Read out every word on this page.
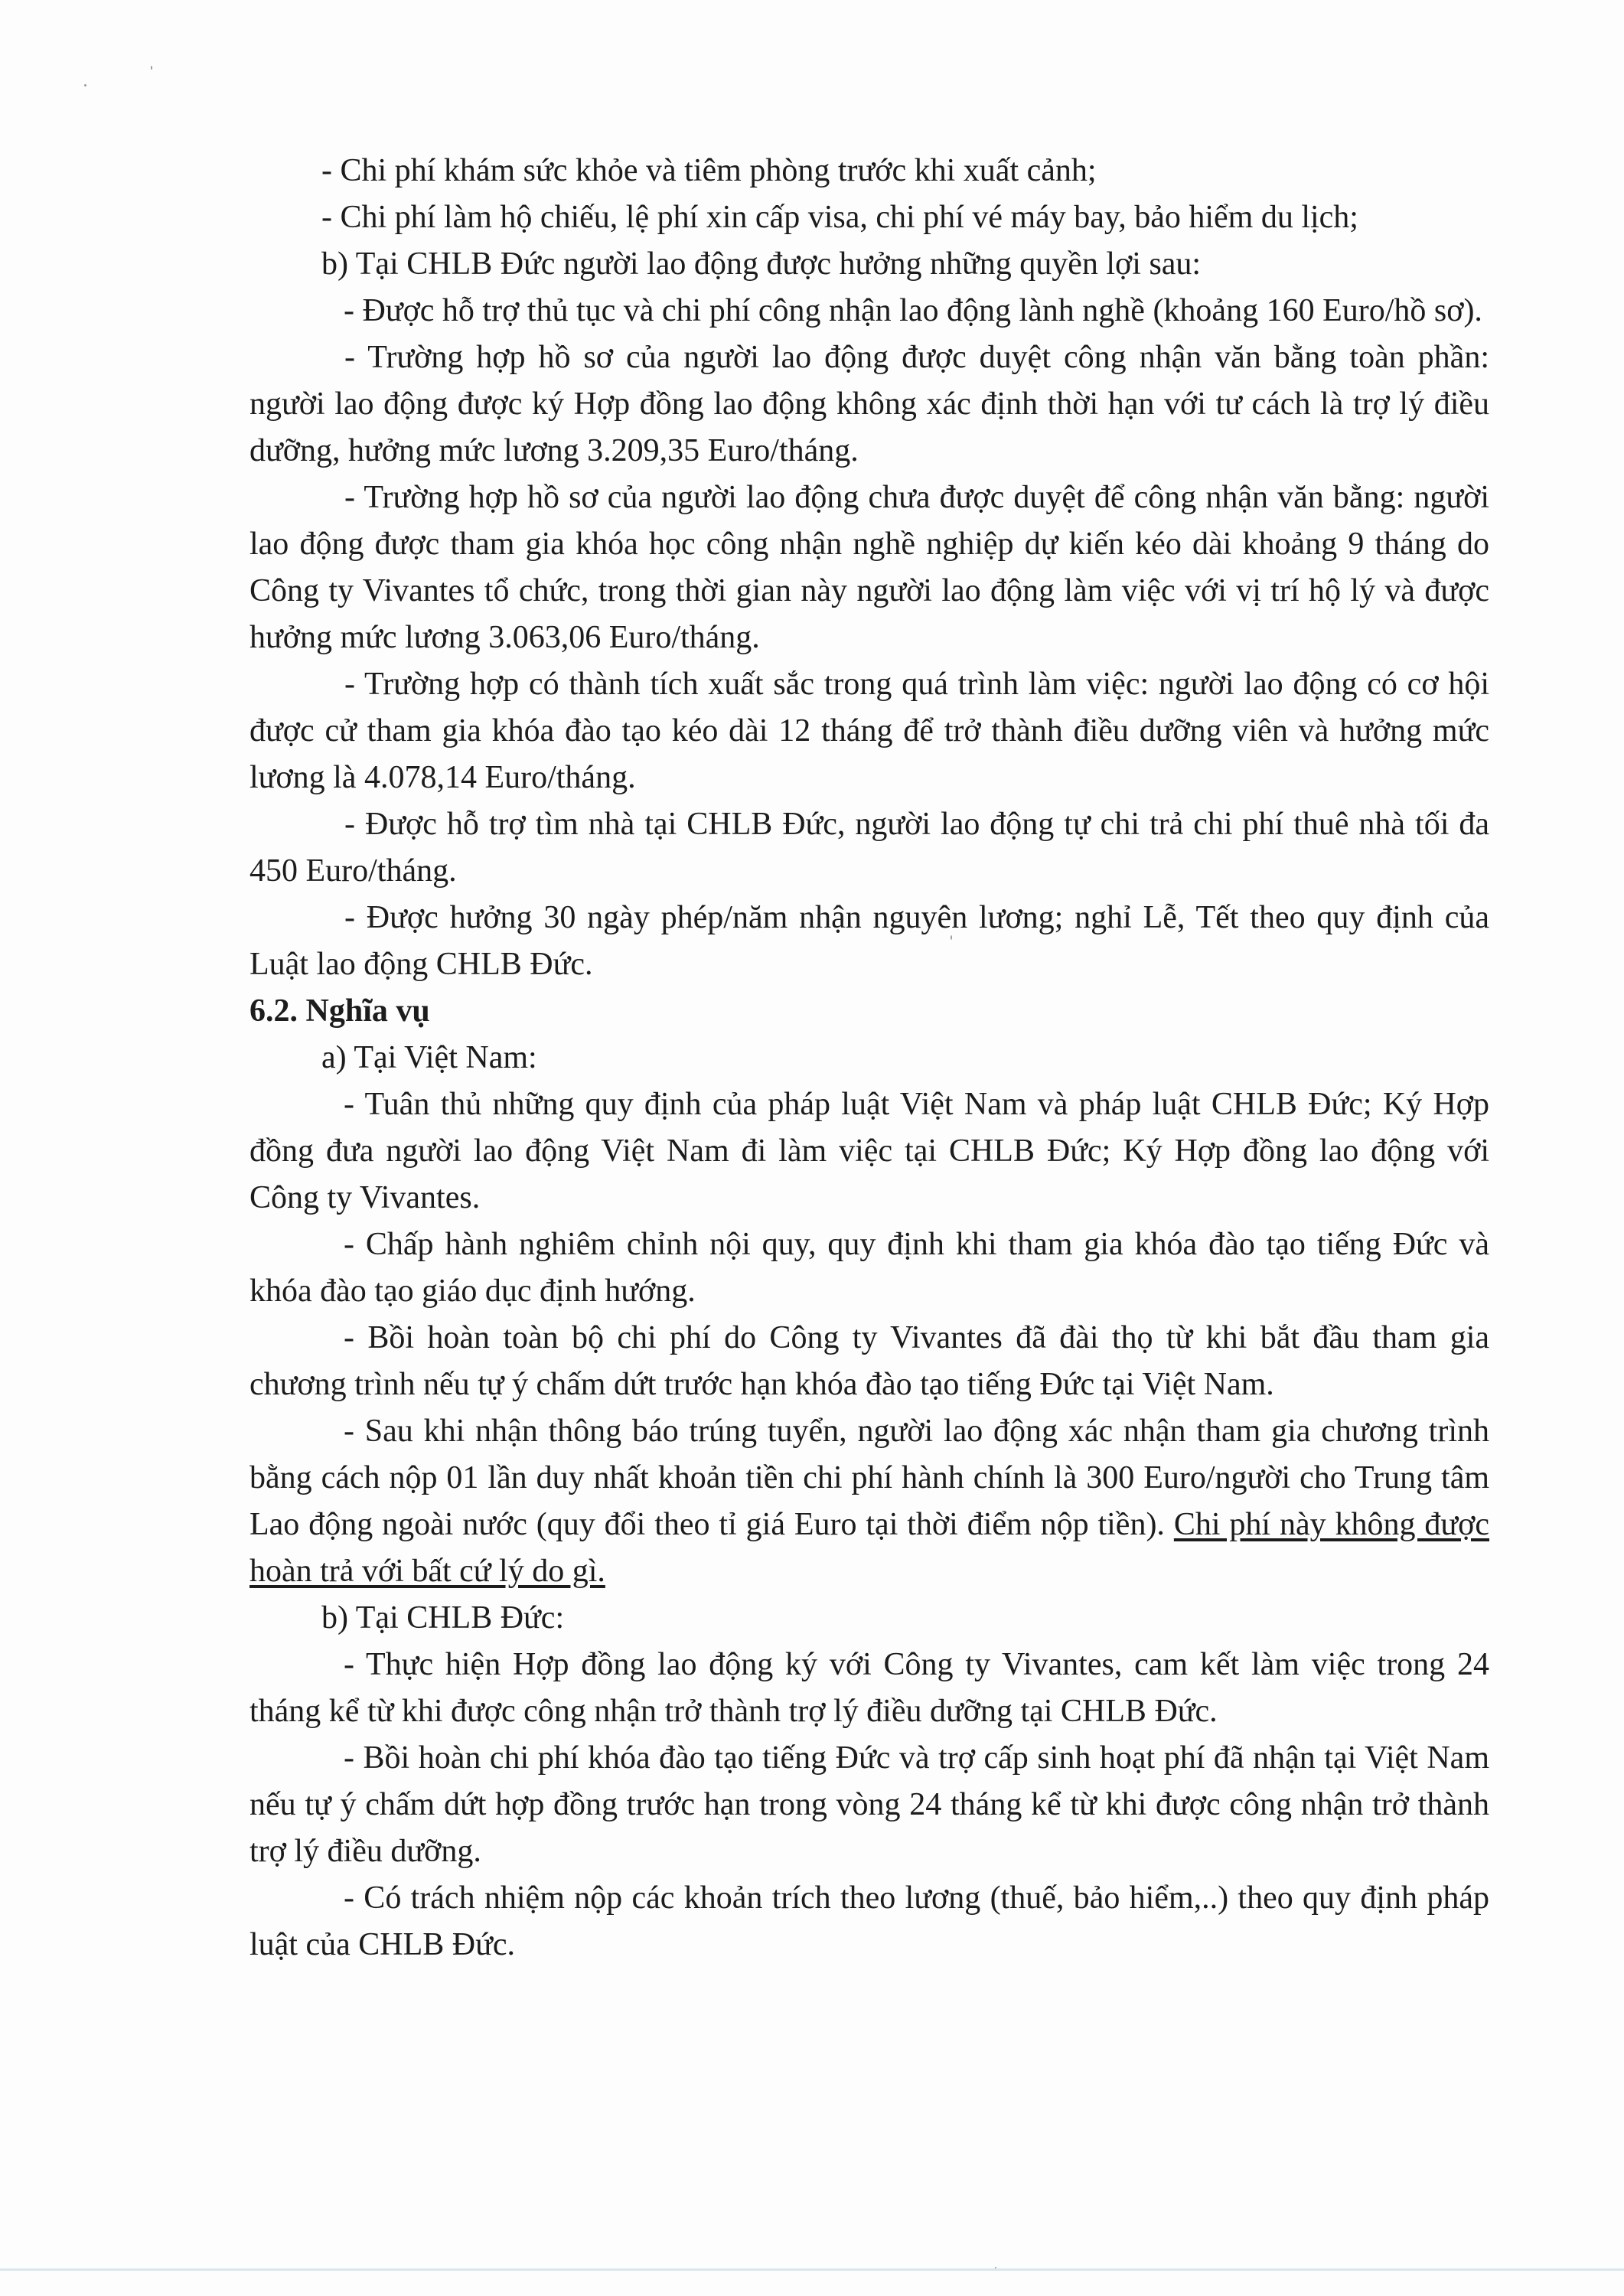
- Chi phí khám sức khỏe và tiêm phòng trước khi xuất cảnh;

- Chi phí làm hộ chiếu, lệ phí xin cấp visa, chi phí vé máy bay, bảo hiểm du lịch;

b) Tại CHLB Đức người lao động được hưởng những quyền lợi sau:

- Được hỗ trợ thủ tục và chi phí công nhận lao động lành nghề (khoảng 160 Euro/hồ sơ).

- Trường hợp hồ sơ của người lao động được duyệt công nhận văn bằng toàn phần: người lao động được ký Hợp đồng lao động không xác định thời hạn với tư cách là trợ lý điều dưỡng, hưởng mức lương 3.209,35 Euro/tháng.

- Trường hợp hồ sơ của người lao động chưa được duyệt để công nhận văn bằng: người lao động được tham gia khóa học công nhận nghề nghiệp dự kiến kéo dài khoảng 9 tháng do Công ty Vivantes tổ chức, trong thời gian này người lao động làm việc với vị trí hộ lý và được hưởng mức lương 3.063,06 Euro/tháng.

- Trường hợp có thành tích xuất sắc trong quá trình làm việc: người lao động có cơ hội được cử tham gia khóa đào tạo kéo dài 12 tháng để trở thành điều dưỡng viên và hưởng mức lương là 4.078,14 Euro/tháng.

- Được hỗ trợ tìm nhà tại CHLB Đức, người lao động tự chi trả chi phí thuê nhà tối đa 450 Euro/tháng.

- Được hưởng 30 ngày phép/năm nhận nguyên lương; nghỉ Lễ, Tết theo quy định của Luật lao động CHLB Đức.

6.2. Nghĩa vụ

a) Tại Việt Nam:

- Tuân thủ những quy định của pháp luật Việt Nam và pháp luật CHLB Đức; Ký Hợp đồng đưa người lao động Việt Nam đi làm việc tại CHLB Đức; Ký Hợp đồng lao động với Công ty Vivantes.

- Chấp hành nghiêm chỉnh nội quy, quy định khi tham gia khóa đào tạo tiếng Đức và khóa đào tạo giáo dục định hướng.

- Bồi hoàn toàn bộ chi phí do Công ty Vivantes đã đài thọ từ khi bắt đầu tham gia chương trình nếu tự ý chấm dứt trước hạn khóa đào tạo tiếng Đức tại Việt Nam.

- Sau khi nhận thông báo trúng tuyển, người lao động xác nhận tham gia chương trình bằng cách nộp 01 lần duy nhất khoản tiền chi phí hành chính là 300 Euro/người cho Trung tâm Lao động ngoài nước (quy đổi theo tỉ giá Euro tại thời điểm nộp tiền). Chi phí này không được hoàn trả với bất cứ lý do gì.

b) Tại CHLB Đức:

- Thực hiện Hợp đồng lao động ký với Công ty Vivantes, cam kết làm việc trong 24 tháng kể từ khi được công nhận trở thành trợ lý điều dưỡng tại CHLB Đức.

- Bồi hoàn chi phí khóa đào tạo tiếng Đức và trợ cấp sinh hoạt phí đã nhận tại Việt Nam nếu tự ý chấm dứt hợp đồng trước hạn trong vòng 24 tháng kể từ khi được công nhận trở thành trợ lý điều dưỡng.

- Có trách nhiệm nộp các khoản trích theo lương (thuế, bảo hiểm,..) theo quy định pháp luật của CHLB Đức.
